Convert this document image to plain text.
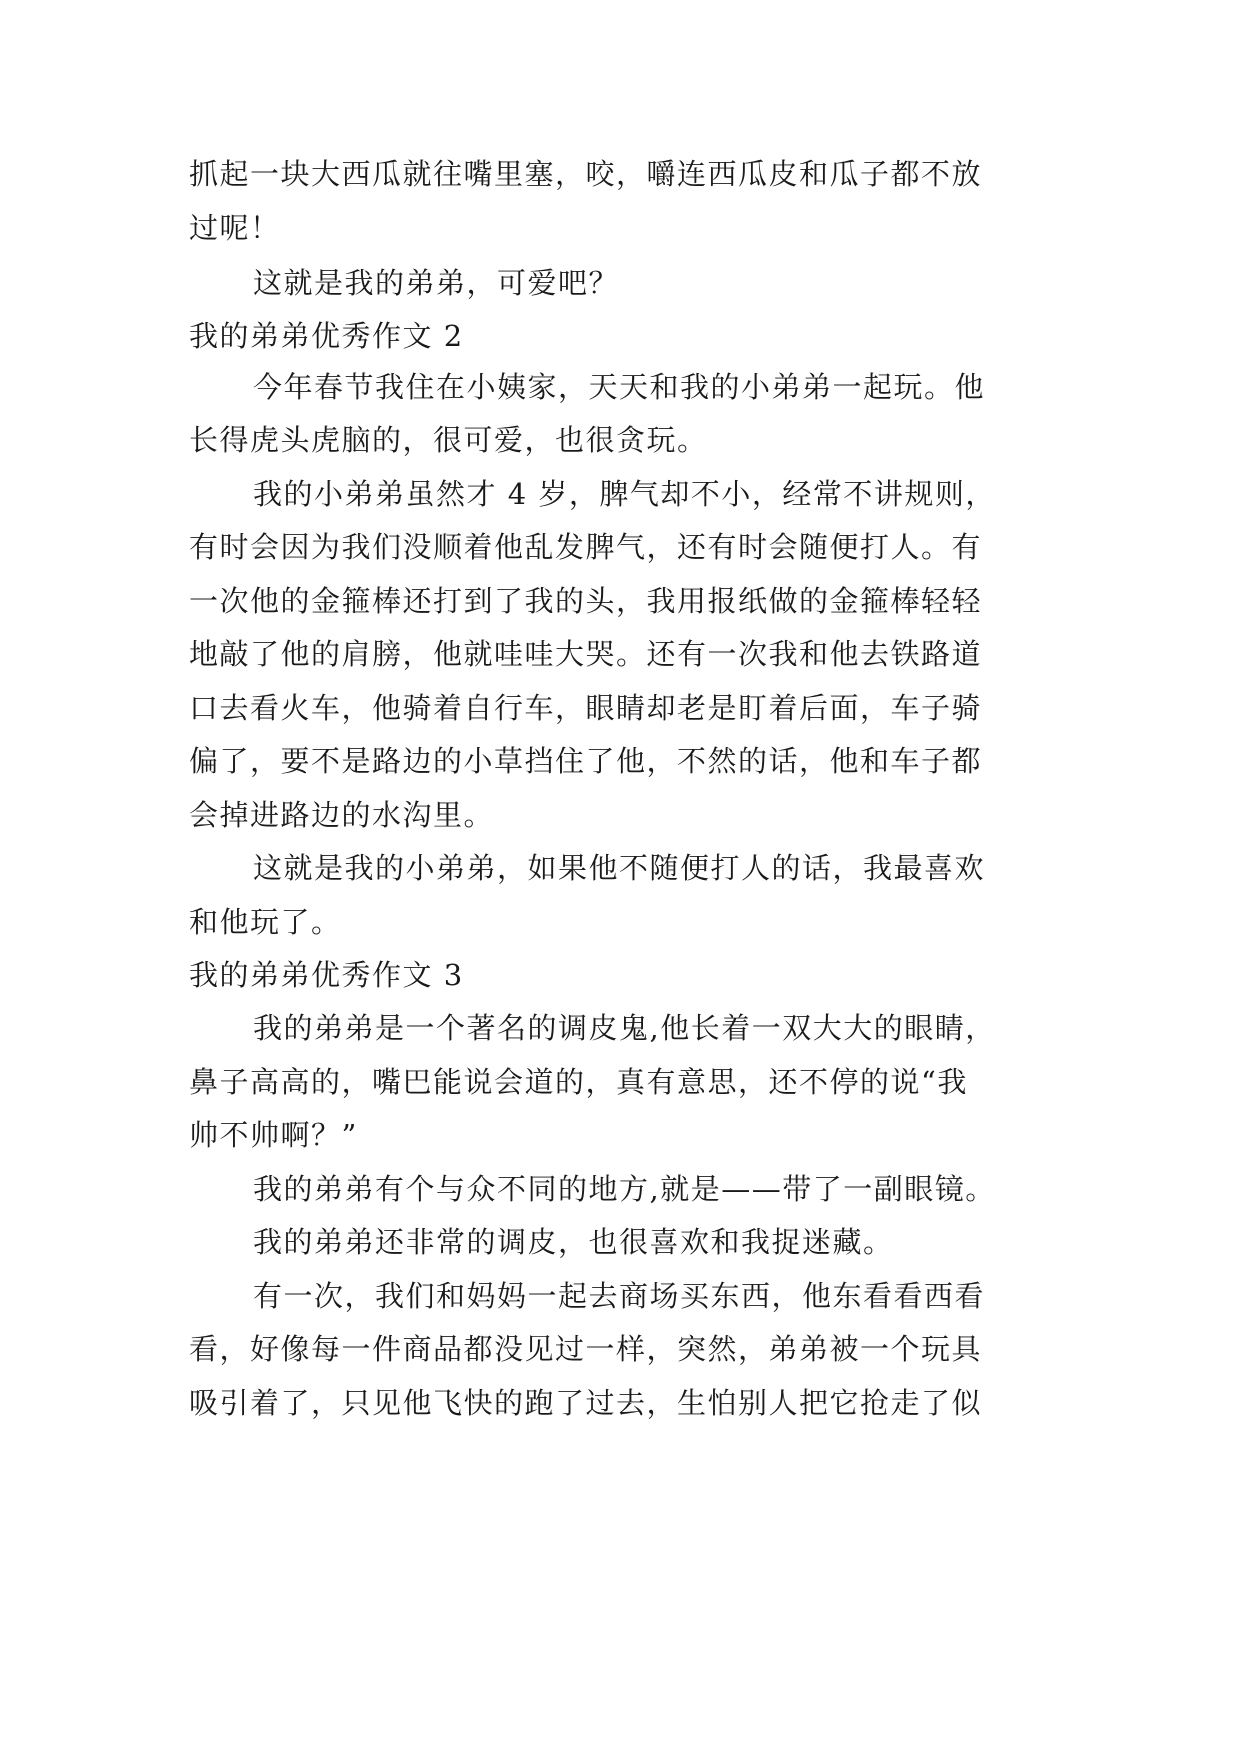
抓起一块大西瓜就往嘴里塞，咬，嚼连西瓜皮和瓜子都不放
过呢！
这就是我的弟弟，可爱吧？
我的弟弟优秀作文 2
今年春节我住在小姨家，天天和我的小弟弟一起玩。他
长得虎头虎脑的，很可爱，也很贪玩。
我的小弟弟虽然才 4 岁，脾气却不小，经常不讲规则，
有时会因为我们没顺着他乱发脾气，还有时会随便打人。有
一次他的金箍棒还打到了我的头，我用报纸做的金箍棒轻轻
地敲了他的肩膀，他就哇哇大哭。还有一次我和他去铁路道
口去看火车，他骑着自行车，眼睛却老是盯着后面，车子骑
偏了，要不是路边的小草挡住了他，不然的话，他和车子都
会掉进路边的水沟里。
这就是我的小弟弟，如果他不随便打人的话，我最喜欢
和他玩了。
我的弟弟优秀作文 3
我的弟弟是一个著名的调皮鬼,他长着一双大大的眼睛，
鼻子高高的，嘴巴能说会道的，真有意思，还不停的说“我
帅不帅啊？”
我的弟弟有个与众不同的地方,就是——带了一副眼镜。
我的弟弟还非常的调皮，也很喜欢和我捉迷藏。
有一次，我们和妈妈一起去商场买东西，他东看看西看
看，好像每一件商品都没见过一样，突然，弟弟被一个玩具
吸引着了，只见他飞快的跑了过去，生怕别人把它抢走了似
